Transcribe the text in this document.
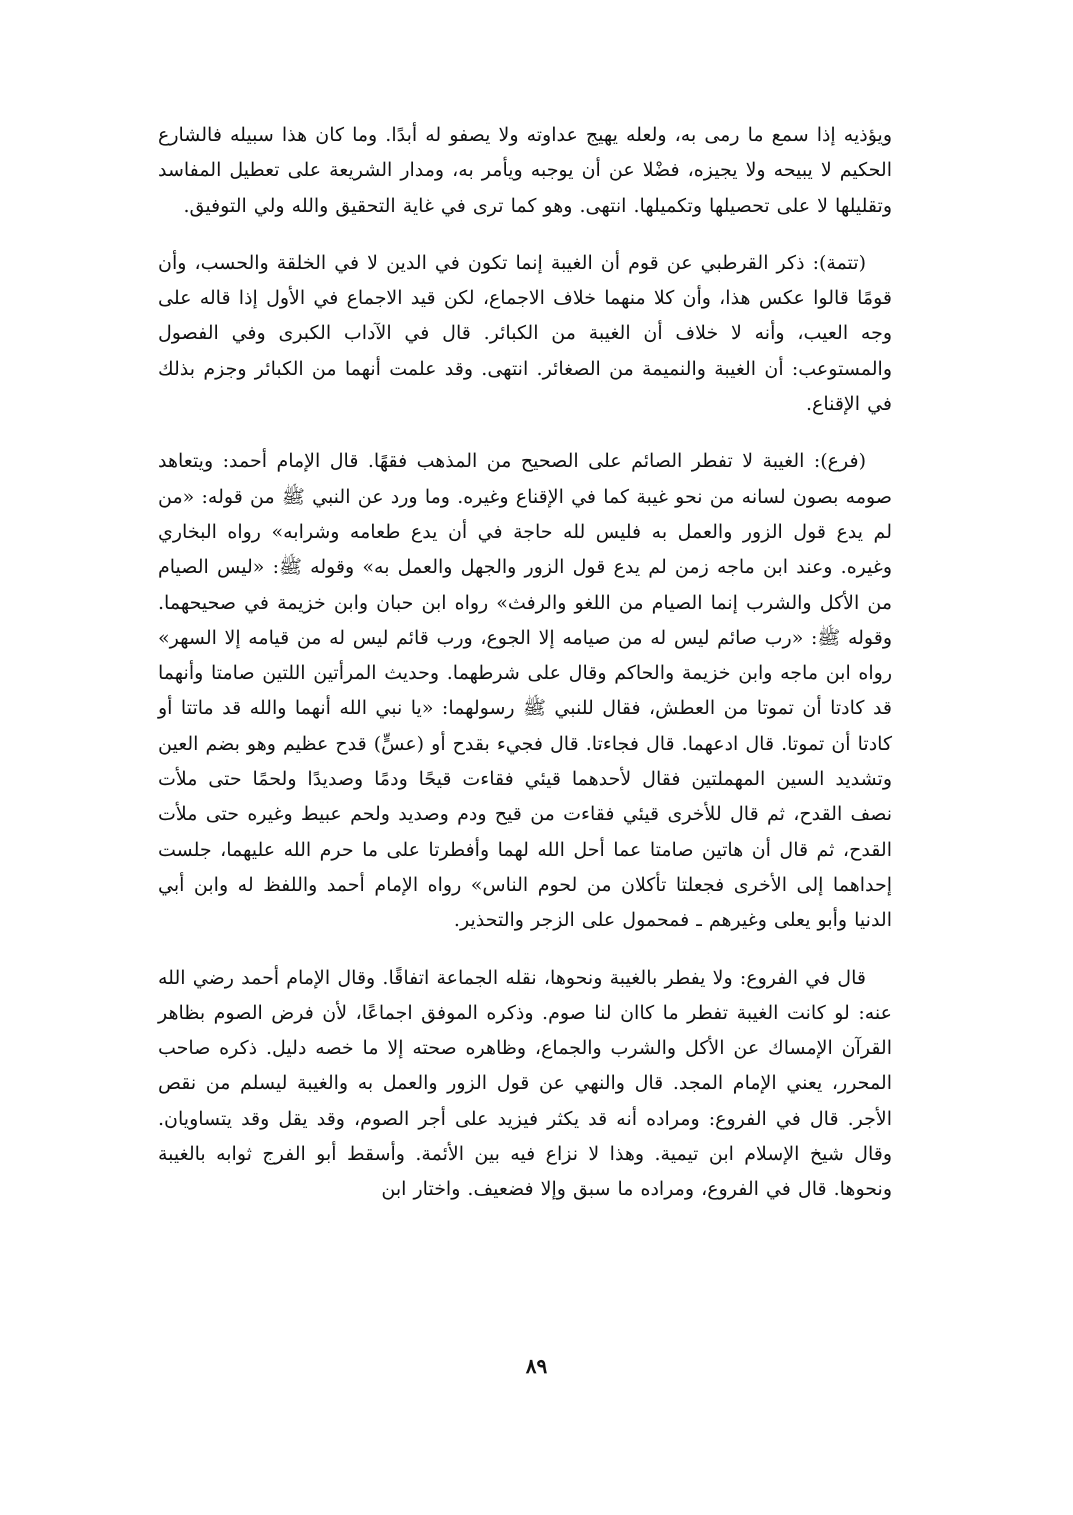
ويؤذيه إذا سمع ما رمى به، ولعله يهيج عداوته ولا يصفو له أبدًا. وما كان هذا سبيله فالشارع الحكيم لا يبيحه ولا يجيزه، فضْلا عن أن يوجبه ويأمر به، ومدار الشريعة على تعطيل المفاسد وتقليلها لا على تحصيلها وتكميلها. انتهى. وهو كما ترى في غاية التحقيق والله ولي التوفيق.

(تتمة): ذكر القرطبي عن قوم أن الغيبة إنما تكون في الدين لا في الخلقة والحسب، وأن قومًا قالوا عكس هذا، وأن كلا منهما خلاف الاجماع، لكن قيد الاجماع في الأول إذا قاله على وجه العيب، وأنه لا خلاف أن الغيبة من الكبائر. قال في الآداب الكبرى وفي الفصول والمستوعب: أن الغيبة والنميمة من الصغائر. انتهى. وقد علمت أنهما من الكبائر وجزم بذلك في الإقناع.

(فرع): الغيبة لا تفطر الصائم على الصحيح من المذهب فقهًا. قال الإمام أحمد: ويتعاهد صومه بصون لسانه من نحو غيبة كما في الإقناع وغيره. وما ورد عن النبي ﷺ من قوله: «من لم يدع قول الزور والعمل به فليس لله حاجة في أن يدع طعامه وشرابه» رواه البخاري وغيره. وعند ابن ماجه زمن لم يدع قول الزور والجهل والعمل به» وقوله ﷺ: «ليس الصيام من الأكل والشرب إنما الصيام من اللغو والرفث» رواه ابن حبان وابن خزيمة في صحيحهما. وقوله ﷺ: «رب صائم ليس له من صيامه إلا الجوع، ورب قائم ليس له من قيامه إلا السهر» رواه ابن ماجه وابن خزيمة والحاكم وقال على شرطهما. وحديث المرأتين اللتين صامتا وأنهما قد كادتا أن تموتا من العطش، فقال للنبي ﷺ رسولهما: «يا نبي الله أنهما والله قد ماتتا أو كادتا أن تموتا. قال ادعهما. قال فجاءتا. قال فجيء بقدح أو (عسٍّ) قدح عظيم وهو بضم العين وتشديد السين المهملتين فقال لأحدهما قيئي فقاءت قيحًا ودمًا وصديدًا ولحمًا حتى ملأت نصف القدح، ثم قال للأخرى قيئي فقاءت من قيح ودم وصديد ولحم عبيط وغيره حتى ملأت القدح، ثم قال أن هاتين صامتا عما أحل الله لهما وأفطرتا على ما حرم الله عليهما، جلست إحداهما إلى الأخرى فجعلتا تأكلان من لحوم الناس» رواه الإمام أحمد واللفظ له وابن أبي الدنيا وأبو يعلى وغيرهم ـ فمحمول على الزجر والتحذير.

قال في الفروع: ولا يفطر بالغيبة ونحوها، نقله الجماعة اتفاقًا. وقال الإمام أحمد رضي الله عنه: لو كانت الغيبة تفطر ما كاان لنا صوم. وذكره الموفق اجماعًا، لأن فرض الصوم بظاهر القرآن الإمساك عن الأكل والشرب والجماع، وظاهره صحته إلا ما خصه دليل. ذكره صاحب المحرر، يعني الإمام المجد. قال والنهي عن قول الزور والعمل به والغيبة ليسلم من نقص الأجر. قال في الفروع: ومراده أنه قد يكثر فيزيد على أجر الصوم، وقد يقل وقد يتساويان. وقال شيخ الإسلام ابن تيمية. وهذا لا نزاع فيه بين الأئمة. وأسقط أبو الفرج ثوابه بالغيبة ونحوها. قال في الفروع، ومراده ما سبق وإلا فضعيف. واختار ابن

٨٩
